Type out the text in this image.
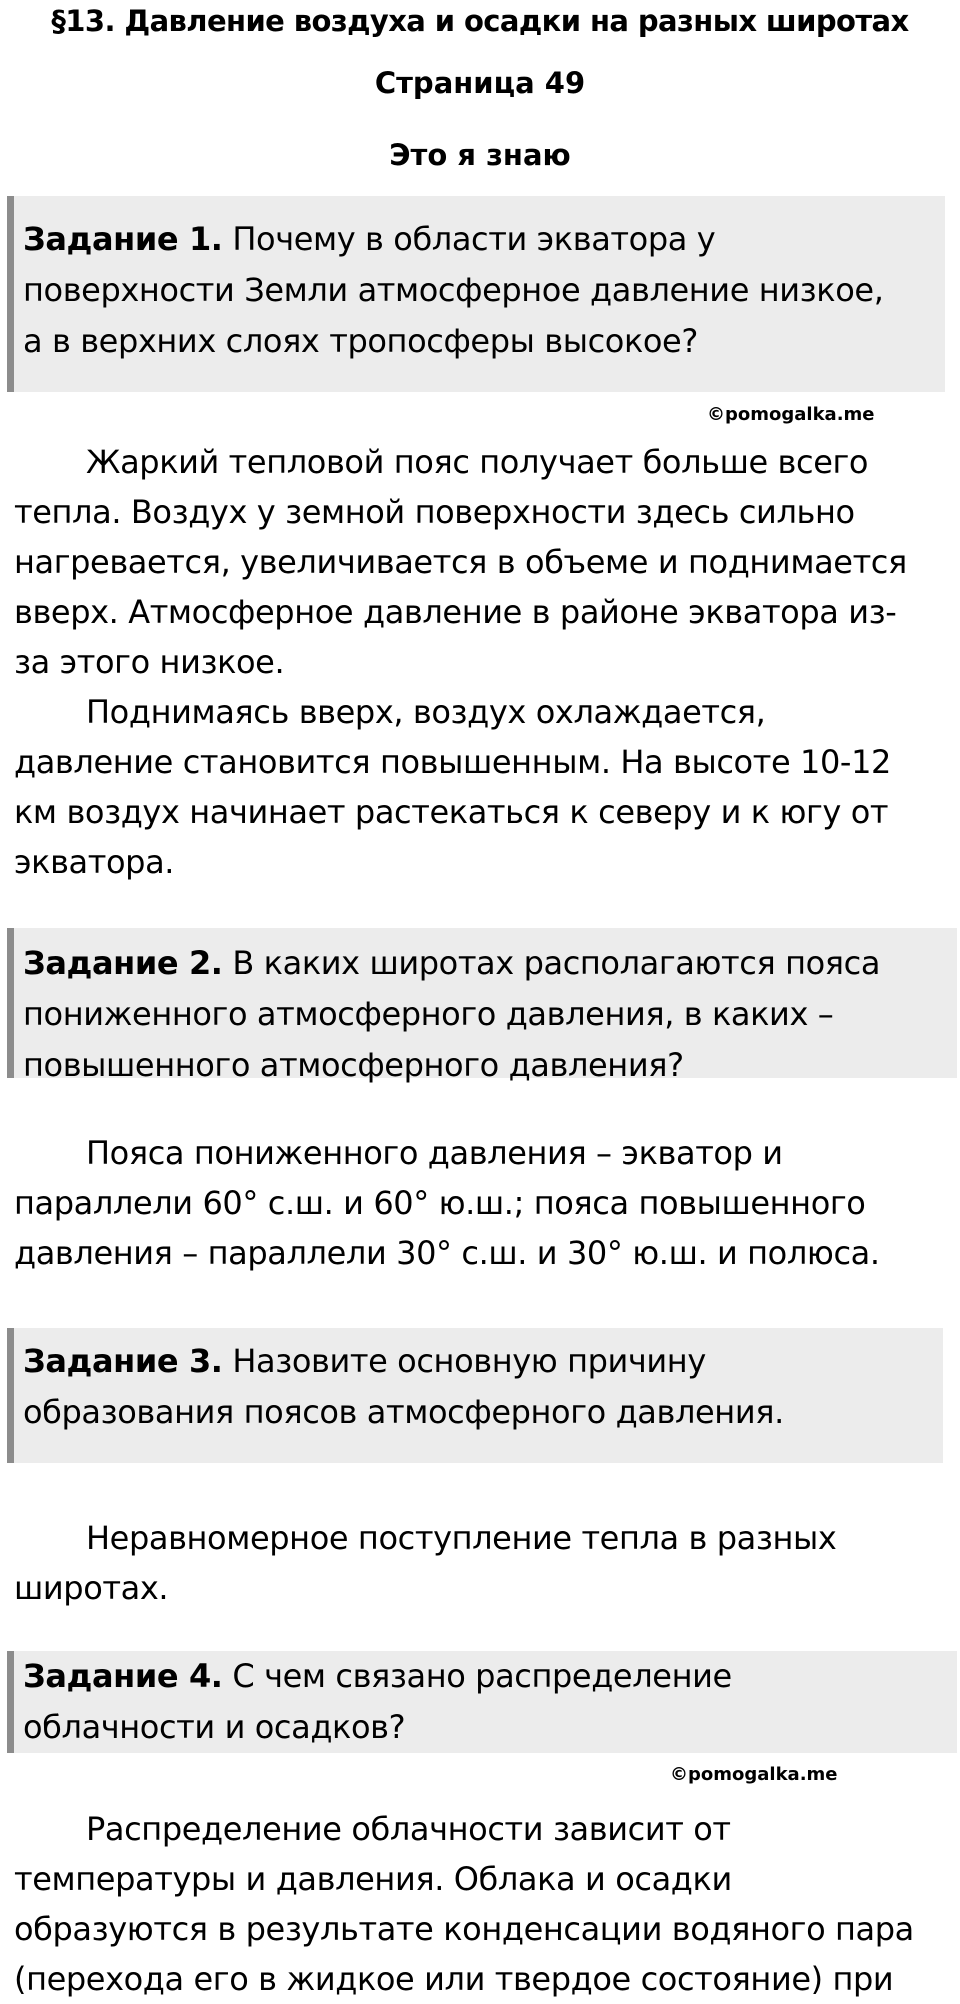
§13. Давление воздуха и осадки на разных широтах
Страница 49
Это я знаю
Задание 1. Почему в области экватора у
поверхности Земли атмосферное давление низкое,
а в верхних слоях тропосферы высокое?
©pomogalka.me
Жаркий тепловой пояс получает больше всего
тепла. Воздух у земной поверхности здесь сильно
нагревается, увеличивается в объеме и поднимается
вверх. Атмосферное давление в районе экватора из-
за этого низкое.
Поднимаясь вверх, воздух охлаждается,
давление становится повышенным. На высоте 10-12
км воздух начинает растекаться к северу и к югу от
экватора.
Задание 2. В каких широтах располагаются пояса
пониженного атмосферного давления, в каких –
повышенного атмосферного давления?
Пояса пониженного давления – экватор и
параллели 60° с.ш. и 60° ю.ш.; пояса повышенного
давления – параллели 30° с.ш. и 30° ю.ш. и полюса.
Задание 3. Назовите основную причину
образования поясов атмосферного давления.
Неравномерное поступление тепла в разных
широтах.
Задание 4. С чем связано распределение
облачности и осадков?
©pomogalka.me
Распределение облачности зависит от
температуры и давления. Облака и осадки
образуются в результате конденсации водяного пара
(перехода его в жидкое или твердое состояние) при
